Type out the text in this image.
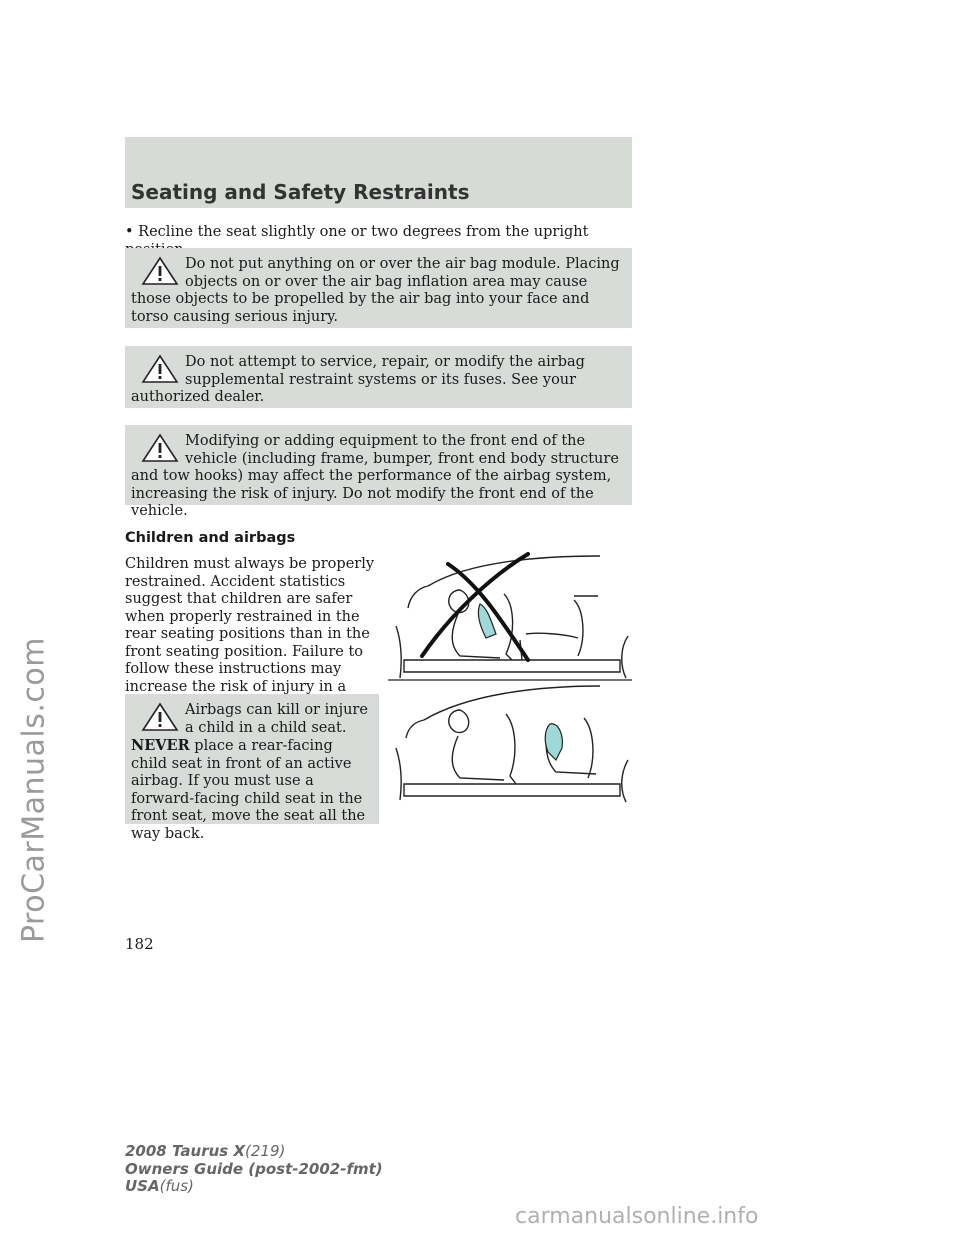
ProCarManuals.com
Seating and Safety Restraints
• Recline the seat slightly one or two degrees from the upright

Do not put anything on or over the air bag module. Placing objects on or over the air bag inflation area may cause those objects to be propelled by the air bag into your face and torso causing serious injury.

Do not attempt to service, repair, or modify the airbag supplemental restraint systems or its fuses. See your authorized dealer.

Modifying or adding equipment to the front end of the vehicle (including frame, bumper, front end body structure and tow hooks) may affect the performance of the airbag system, increasing the risk of injury. Do not modify the front end of the vehicle.

Children and airbags

Children must always be properly restrained. Accident statistics suggest that children are safer when properly restrained in the rear seating positions than in the front seating position. Failure to follow these instructions may increase the risk of injury in a

Airbags can kill or injure a child in a child seat. NEVER place a rear-facing child seat in front of an active airbag. If you must use a forward-facing child seat in the front seat, move the seat all the way back.

182
2008 Taurus X(219)
Owners Guide (post-2002-fmt)
USA(fus)
carmanualsonline.info
